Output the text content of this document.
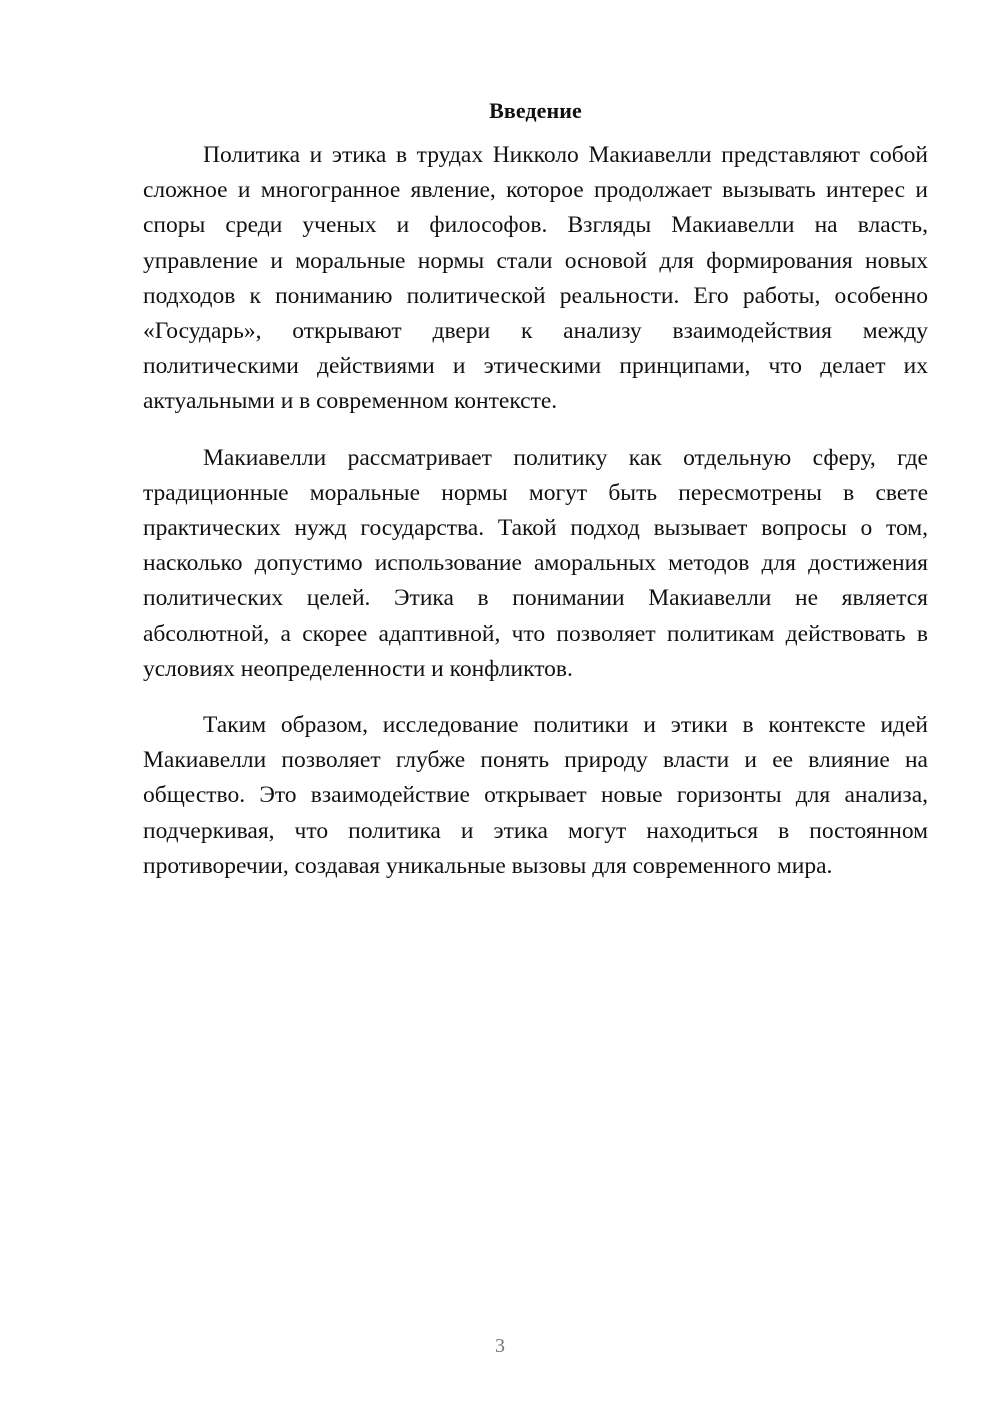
Введение

Политика и этика в трудах Никколо Макиавелли представляют собой сложное и многогранное явление, которое продолжает вызывать интерес и споры среди ученых и философов. Взгляды Макиавелли на власть, управление и моральные нормы стали основой для формирования новых подходов к пониманию политической реальности. Его работы, особенно «Государь», открывают двери к анализу взаимодействия между политическими действиями и этическими принципами, что делает их актуальными и в современном контексте.

Макиавелли рассматривает политику как отдельную сферу, где традиционные моральные нормы могут быть пересмотрены в свете практических нужд государства. Такой подход вызывает вопросы о том, насколько допустимо использование аморальных методов для достижения политических целей. Этика в понимании Макиавелли не является абсолютной, а скорее адаптивной, что позволяет политикам действовать в условиях неопределенности и конфликтов.

Таким образом, исследование политики и этики в контексте идей Макиавелли позволяет глубже понять природу власти и ее влияние на общество. Это взаимодействие открывает новые горизонты для анализа, подчеркивая, что политика и этика могут находиться в постоянном противоречии, создавая уникальные вызовы для современного мира.

3
